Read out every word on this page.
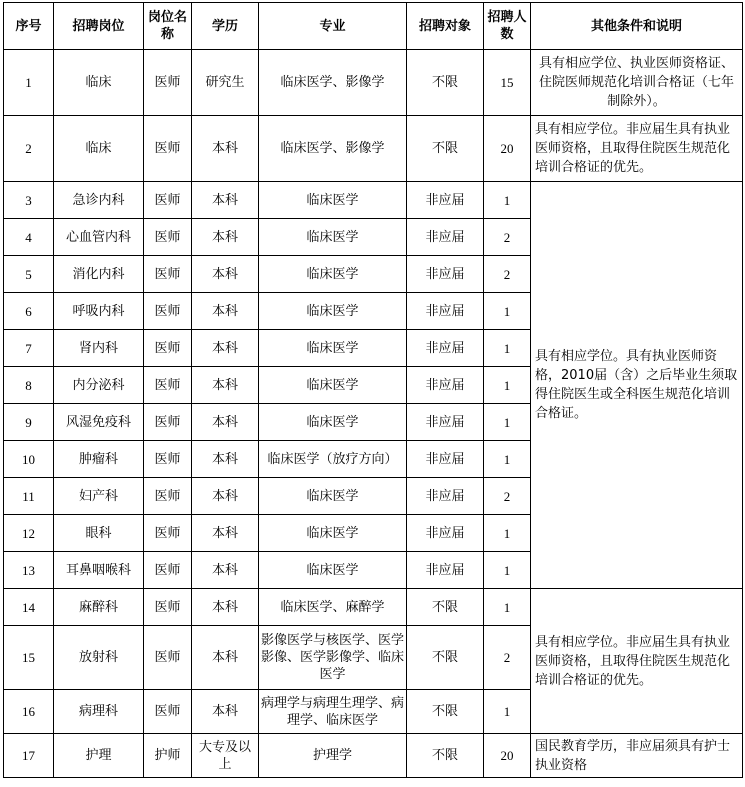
序号	招聘岗位	岗位名称	学历	专业	招聘对象	招聘人数	其他条件和说明
1	临床	医师	研究生	临床医学、影像学	不限	15	具有相应学位、执业医师资格证、住院医师规范化培训合格证（七年制除外）。
2	临床	医师	本科	临床医学、影像学	不限	20	具有相应学位。非应届生具有执业医师资格，且取得住院医生规范化培训合格证的优先。
3	急诊内科	医师	本科	临床医学	非应届	1	具有相应学位。具有执业医师资格，2010届（含）之后毕业生须取得住院医生或全科医生规范化培训合格证。
4	心血管内科	医师	本科	临床医学	非应届	2	
5	消化内科	医师	本科	临床医学	非应届	2	
6	呼吸内科	医师	本科	临床医学	非应届	1	
7	肾内科	医师	本科	临床医学	非应届	1	
8	内分泌科	医师	本科	临床医学	非应届	1	
9	风湿免疫科	医师	本科	临床医学	非应届	1	
10	肿瘤科	医师	本科	临床医学（放疗方向）	非应届	1	
11	妇产科	医师	本科	临床医学	非应届	2	
12	眼科	医师	本科	临床医学	非应届	1	
13	耳鼻咽喉科	医师	本科	临床医学	非应届	1	
14	麻醉科	医师	本科	临床医学、麻醉学	不限	1	具有相应学位。非应届生具有执业医师资格，且取得住院医生规范化培训合格证的优先。
15	放射科	医师	本科	影像医学与核医学、医学影像、医学影像学、临床医学	不限	2	
16	病理科	医师	本科	病理学与病理生理学、病理学、临床医学	不限	1	
17	护理	护师	大专及以上	护理学	不限	20	国民教育学历，非应届须具有护士执业资格
